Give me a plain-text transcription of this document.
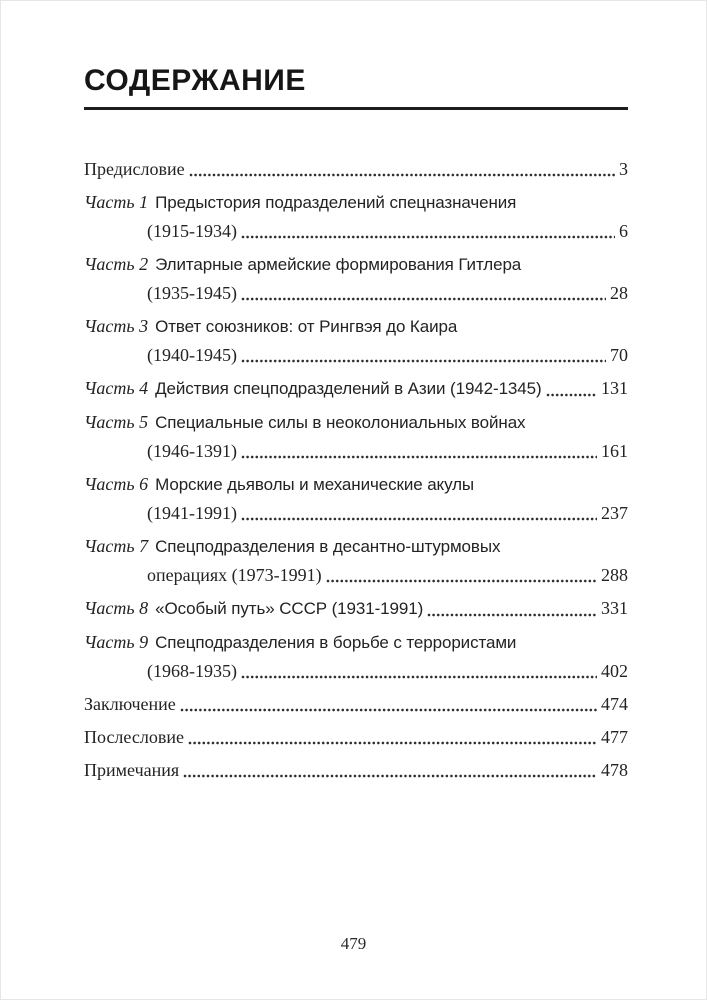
СОДЕРЖАНИЕ
Предисловие	3
Часть 1 Предыстория подразделений спецназначения
(1915-1934)	6
Часть 2 Элитарные армейские формирования Гитлера
(1935-1945)	28
Часть 3 Ответ союзников: от Рингвэя до Каира
(1940-1945)	70
Часть 4 Действия спецподразделений в Азии (1942-1345)	131
Часть 5 Специальные силы в неоколониальных войнах
(1946-1391)	161
Часть 6 Морские дьяволы и механические акулы
(1941-1991)	237
Часть 7 Спецподразделения в десантно-штурмовых
операциях (1973-1991)	288
Часть 8 «Особый путь» СССР (1931-1991)	331
Часть 9 Спецподразделения в борьбе с террористами
(1968-1935)	402
Заключение	474
Послесловие	477
Примечания	478
479
